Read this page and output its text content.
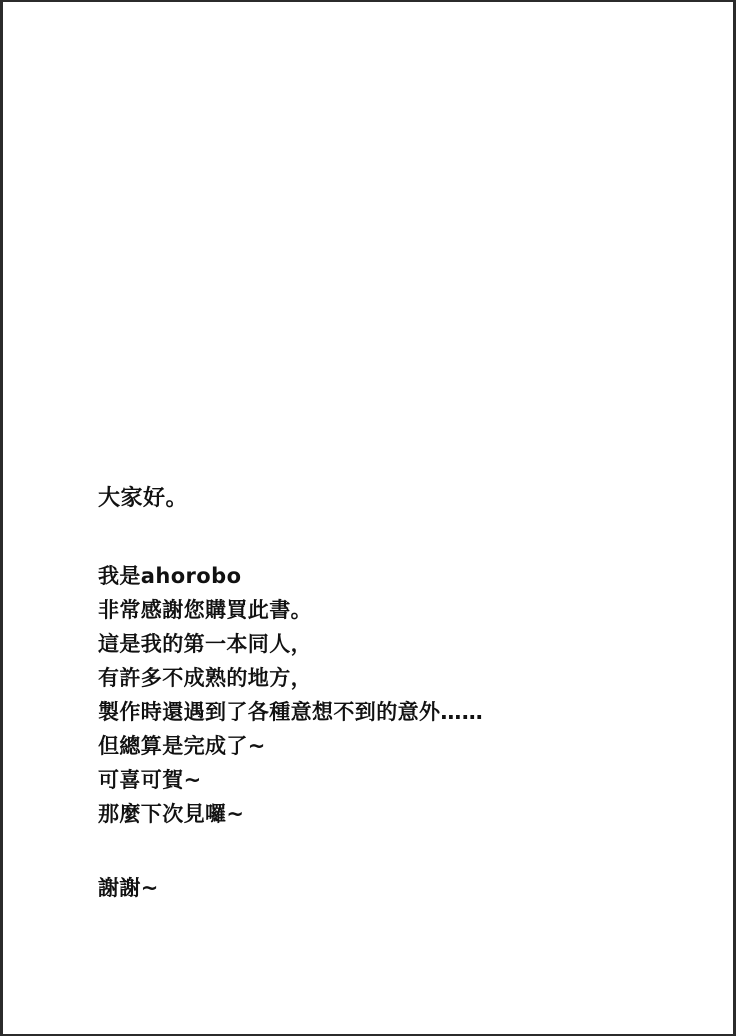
大家好。
我是ahorobo
非常感謝您購買此書。
這是我的第一本同人，
有許多不成熟的地方，
製作時還遇到了各種意想不到的意外……
但總算是完成了~
可喜可賀~
那麼下次見囉~
謝謝~
